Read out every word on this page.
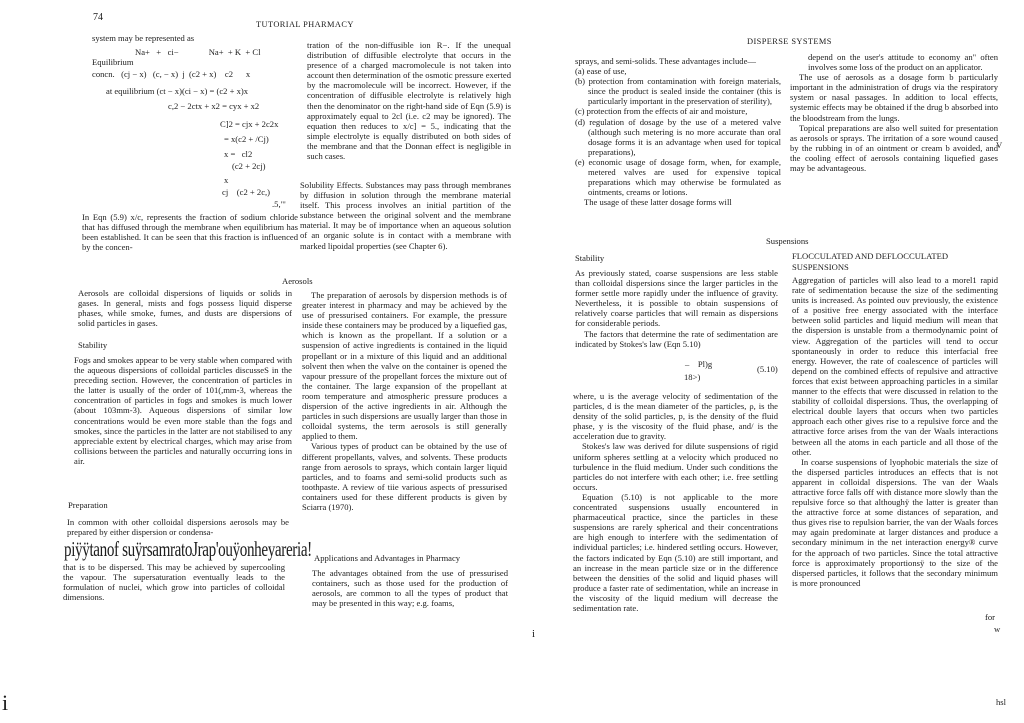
74
TUTORIAL PHARMACY
system may be represented as
Na+   +   ci−              Na+  + K  + Cl
Equilibrium
concn.   (cj − x)   (c, − x)  j  (c2 + x)    c2      x
at equilibrium (ct − x)(ci − x) = (c2 + x)x
c,2 − 2ctx + x2 = cyx + x2
C]2 = cjx + 2c2x
= x(c2 + /Cj)
x =   cl2
(c2 + 2cj)
x
cj    (c2 + 2c,)
.5,"'
In Eqn (5.9) x/c, represents the fraction of sodium chloride that has diffused through the membrane when equilibrium has been established. It can be seen that this fraction is influenced by the concen-
tration of the non-diffusible ion R−. If the unequal distribution of diffusible electrolyte that occurs in the presence of a charged macromolecule is not taken into account then determination of the osmotic pressure exerted by the macromolecule will be incorrect. However, if the concentration of diffusible electrolyte is relatively high then the denominator on the right-hand side of Eqn (5.9) is approximately equal to 2cl (i.e. c2 may be ignored). The equation then reduces to x/c] = 5., indicating that the simple electrolyte is equally distributed on both sides of the membrane and that the Donnan effect is negligible in such cases.
Solubility Effects. Substances may pass through membranes by diffusion in solution through the membrane material itself. This process involves an initial partition of the substance between the original solvent and the membrane material. It may be of importance when an aqueous solution of an organic solute is in contact with a membrane with marked lipoidal properties (see Chapter 6).
Aerosols
Aerosols are colloidal dispersions of liquids or solids in gases. In general, mists and fogs possess liquid disperse phases, while smoke, fumes, and dusts are dispersions of solid particles in gases.
Stability
Fogs and smokes appear to be very stable when compared with the aqueous dispersions of colloidal particles discusseS in the preceding section. However, the concentration of particles in the latter is usually of the order of 101(,mm-3, whereas the concentration of particles in fogs and smokes is much lower (about 103mm-3). Aqueous dispersions of similar low concentrations would be even more stable than the fogs and smokes, since the particles in the latter are not stabilised to any appreciable extent by electrical charges, which may arise from collisions between the particles and naturally occurring ions in air.
Preparation
In common with other colloidal dispersions aerosols may be prepared by either dispersion or condensa-
piÿÿtanof suÿrsamratoJrap'ouÿonheyareria!
that is to be dispersed. This may be achieved by supercooling the vapour. The supersaturation eventually leads to the formulation of nuclei, which grow into particles of colloidal dimensions.

The preparation of aerosols by dispersion methods is of greater interest in pharmacy and may be achieved by the use of pressurised containers. For example, the pressure inside these containers may be produced by a liquefied gas, which is known as the propellant. If a solution or a suspension of active ingredients is contained in the liquid propellant or in a mixture of this liquid and an additional solvent then when the valve on the container is opened the vapour pressure of the propellant forces the mixture out of the container. The large expansion of the propellant at room temperature and atmospheric pressure produces a dispersion of the active ingredients in air. Although the particles in such dispersions are usually larger than those in colloidal systems, the term aerosols is still generally applied to them.

Various types of product can be obtained by the use of different propellants, valves, and solvents. These products range from aerosols to sprays, which contain larger liquid particles, and to foams and semi-solid products such as toothpaste. A review of tiie various aspects of pressurised containers used for these different products is given by Sciarra (1970).

Applications and Advantages in Pharmacy
The advantages obtained from the use of pressurised containers, such as those used for the production of aerosols, are common to all the types of product that may be presented in this way; e.g. foams,
i
DISPERSE SYSTEMS

sprays, and semi-solids. These advantages include—

(a) ease of use,
(b) protection from contamination with foreign materials, since the product is sealed inside the container (this is particularly important in the preservation of sterility),
(c) protection from the effects of air and moisture,
(d) regulation of dosage by the use of a metered valve (although such metering is no more accurate than oral dosage forms it is an advantage when used for topical preparations),
(e) economic usage of dosage form, when, for example, metered valves are used for expensive topical preparations which may otherwise be formulated as ointments, creams or lotions.

The usage of these latter dosage forms will

depend on the user's attitude to economy an" often involves some loss of the product on an applicator.

The use of aerosols as a dosage form b particularly important in the administration of drugs via the respiratory system or nasal passages. In addition to local effects, systemic effects may be obtained if the drug b absorbed into the bloodstream from the lungs.

Topical preparations are also well suited for presentation as aerosols or sprays. The irritation of a sore wound caused by the rubbing in of an ointment or cream b avoided, and the cooling effect of aerosols containing liquefied gases may be advantageous.

V
Suspensions
Stability

As previously stated, coarse suspensions are less stable than colloidal dispersions since the larger particles in the former settle more rapidly under the influence of gravity. Nevertheless, it is possible to obtain suspensions of relatively coarse particles that will remain as dispersions for considerable periods.

The factors that determine the rate of sedimentation are indicated by Stokes's law (Eqn 5.10)

–    Pl)g
18>)
(5.10)

where, u is the average velocity of sedimentation of the particles, d is the mean diameter of the particles, ρ, is the density of the solid particles, p, is the density of the fluid phase, y is the viscosity of the fluid phase, and/ is the acceleration due to gravity.

Stokes's law was derived for dilute suspensions of rigid uniform spheres settling at a velocity which produced no turbulence in the fluid medium. Under such conditions the particles do not interfere with each other; i.e. free settling occurs.

Equation (5.10) is not applicable to the more concentrated suspensions usually encountered in pharmaceutical practice, since the particles in these suspensions are rarely spherical and their concentrations are high enough to interfere with the sedimentation of individual particles; i.e. hindered settling occurs. However, the factors indicated by Eqn (5.10) are still important, and an increase in the mean particle size or in the difference between the densities of the solid and liquid phases will produce a faster rate of sedimentation, while an increase in the viscosity of the liquid medium will decrease the sedimentation rate.

FLOCCULATED AND DEFLOCCULATED SUSPENSIONS

Aggregation of particles will also lead to a morel1 rapid rate of sedimentation because the size of the sedimenting units is increased. As pointed ouv previously, the existence of a positive free energy associated with the interface between solid particles and liquid medium will mean that the dispersion is unstable from a thermodynamic point of view. Aggregation of the particles will tend to occur spontaneously in order to reduce this interfacial free energy. However, the rate of coalescence of particles will depend on the combined effects of repulsive and attractive forces that exist between approaching particles in a similar manner to the effects that were discussed in relation to the stability of colloidal dispersions. Thus, the overlapping of electrical double layers that occurs when two particles approach each other gives rise to a repulsive force and the attractive force arises from the van der Waals interactions between all the atoms in each particle and all those of the other.

In coarse suspensions of lyophobic materials the size of the dispersed particles introduces an effects that is not apparent in colloidal dispersions. The van der Waals attractive force falls off with distance more slowly than the repulsive force so that althoughÿ the latter is greater than the attractive force at some distances of separation, and thus gives rise to repulsion barrier, the van der Waals forces may again predominate at larger distances and produce a secondary minimum in the net interaction energy® curve for the approach of two particles. Since the total attractive force is approximately proportionsÿ to the size of the dispersed particles, it follows that the secondary minimum is more pronounced

for
w
i	hsl
